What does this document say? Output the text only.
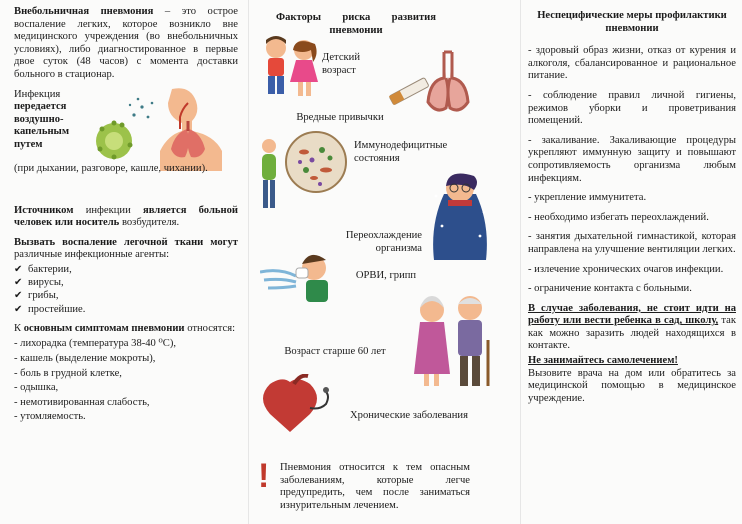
Внебольничная пневмония – это острое воспаление легких, которое возникло вне медицинского учреждения (во внебольничных условиях), либо диагностированное в первые двое суток (48 часов) с момента доставки больного в стационар.

Инфекция передается воздушно-капельным путем

(при дыхании, разговоре, кашле, чихании).

Источником инфекции является больной человек или носитель возбудителя.

Вызвать воспаление легочной ткани могут различные инфекционные агенты:

✔ бактерии,
✔ вирусы,
✔ грибы,
✔ простейшие.

К основным симптомам пневмонии относятся:

- лихорадка (температура 38-40 ⁰С),
- кашель (выделение мокроты),
- боль в грудной клетке,
- одышка,
- немотивированная слабость,
- утомляемость.
Факторы риска развития пневмонии
Детский возраст
Вредные привычки
Иммунодефицитные состояния
Переохлаждение организма
ОРВИ, грипп
Возраст старше 60 лет
Хронические заболевания
!	Пневмония относится к тем опасным заболеваниям, которые легче предупредить, чем после заниматься изнурительным лечением.

Неспецифические меры профилактики пневмонии

- здоровый образ жизни, отказ от курения и алкоголя, сбалансированное и рациональное питание.

- соблюдение правил личной гигиены, режимов уборки и проветривания помещений.

- закаливание. Закаливающие процедуры укрепляют иммунную защиту и повышают сопротивляемость организма любым инфекциям.

- укрепление иммунитета.

- необходимо избегать переохлаждений.

- занятия дыхательной гимнастикой, которая направлена на улучшение вентиляции легких.

- излечение хронических очагов инфекции.

- ограничение контакта с больными.

В случае заболевания, не стоит идти на работу или вести ребенка в сад, школу, так как можно заразить людей находящихся в контакте.

Не занимайтесь самолечением!

Вызовите врача на дом или обратитесь за медицинской помощью в медицинское учреждение.
